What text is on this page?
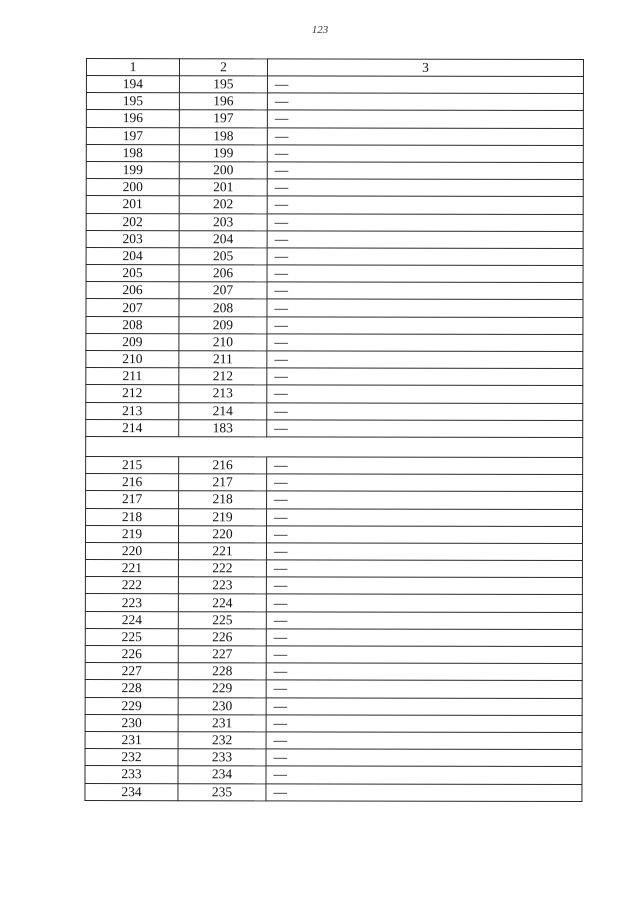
123
1	2	3
194	195	—
195	196	—
196	197	—
197	198	—
198	199	—
199	200	—
200	201	—
201	202	—
202	203	—
203	204	—
204	205	—
205	206	—
206	207	—
207	208	—
208	209	—
209	210	—
210	211	—
211	212	—
212	213	—
213	214	—
214	183	—

215	216	—
216	217	—
217	218	—
218	219	—
219	220	—
220	221	—
221	222	—
222	223	—
223	224	—
224	225	—
225	226	—
226	227	—
227	228	—
228	229	—
229	230	—
230	231	—
231	232	—
232	233	—
233	234	—
234	235	—
